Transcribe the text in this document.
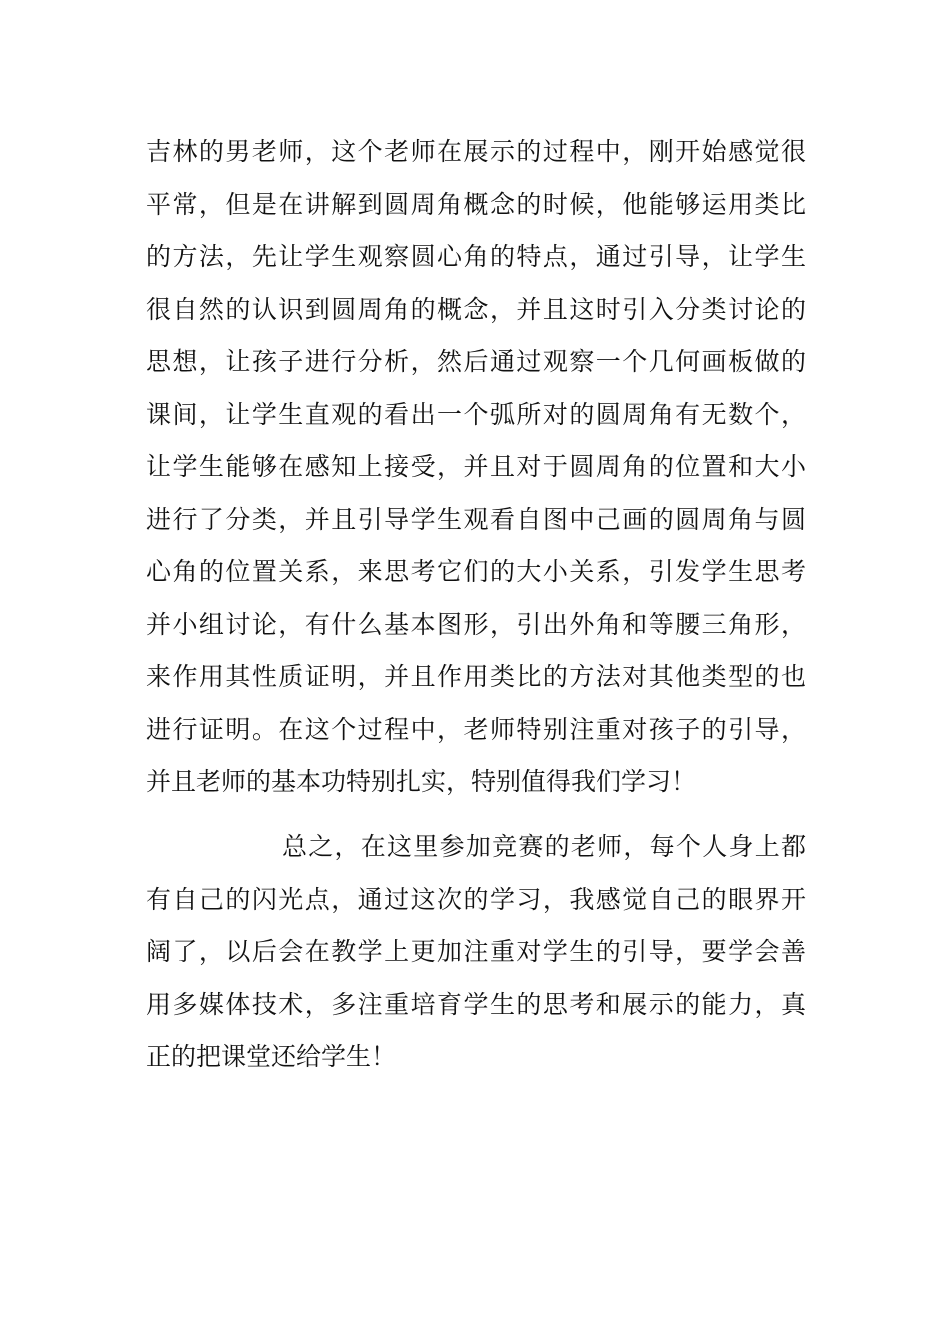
吉林的男老师，这个老师在展示的过程中，刚开始感觉很
平常，但是在讲解到圆周角概念的时候，他能够运用类比
的方法，先让学生观察圆心角的特点，通过引导，让学生
很自然的认识到圆周角的概念，并且这时引入分类讨论的
思想，让孩子进行分析，然后通过观察一个几何画板做的
课间，让学生直观的看出一个弧所对的圆周角有无数个，
让学生能够在感知上接受，并且对于圆周角的位置和大小
进行了分类，并且引导学生观看自图中己画的圆周角与圆
心角的位置关系，来思考它们的大小关系，引发学生思考
并小组讨论，有什么基本图形，引出外角和等腰三角形，
来作用其性质证明，并且作用类比的方法对其他类型的也
进行证明。在这个过程中，老师特别注重对孩子的引导，
并且老师的基本功特别扎实，特别值得我们学习！
总之，在这里参加竞赛的老师，每个人身上都
有自己的闪光点，通过这次的学习，我感觉自己的眼界开
阔了，以后会在教学上更加注重对学生的引导，要学会善
用多媒体技术，多注重培育学生的思考和展示的能力，真
正的把课堂还给学生！
